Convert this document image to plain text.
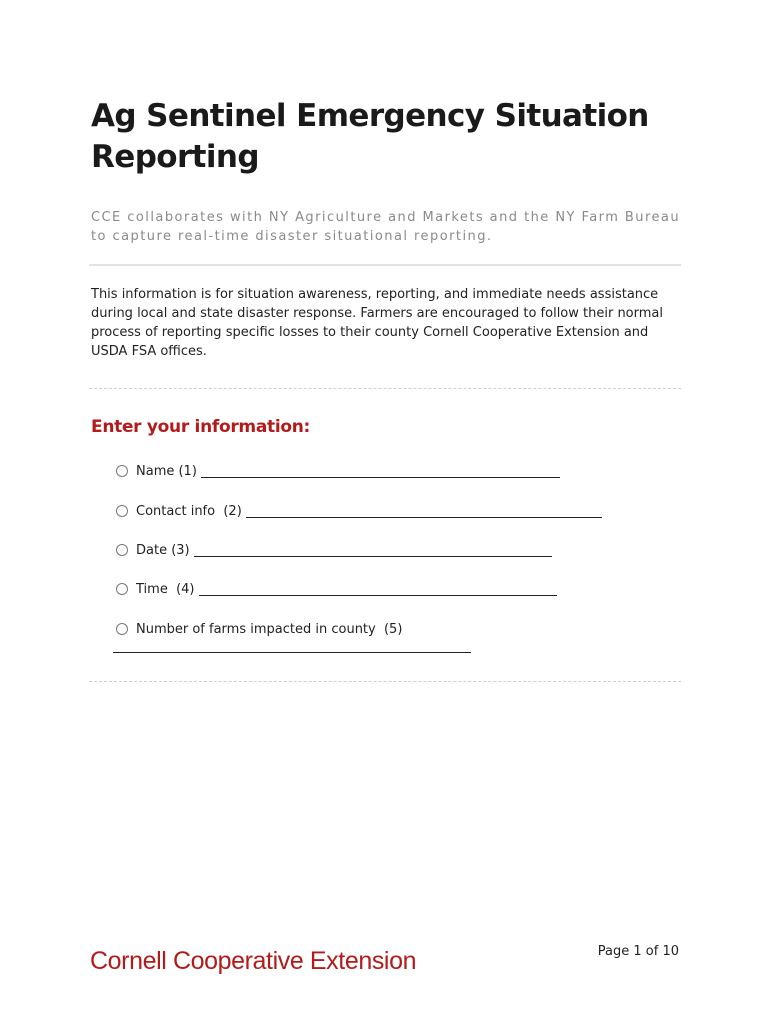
Ag Sentinel Emergency Situation Reporting

CCE collaborates with NY Agriculture and Markets and the NY Farm Bureau to capture real-time disaster situational reporting.

This information is for situation awareness, reporting, and immediate needs assistance during local and state disaster response. Farmers are encouraged to follow their normal process of reporting specific losses to their county Cornell Cooperative Extension and USDA FSA offices.

Enter your information:
Name (1)
Contact info  (2)
Date (3)
Time  (4)
Number of farms impacted in county  (5)
Cornell Cooperative Extension	Page 1 of 10
